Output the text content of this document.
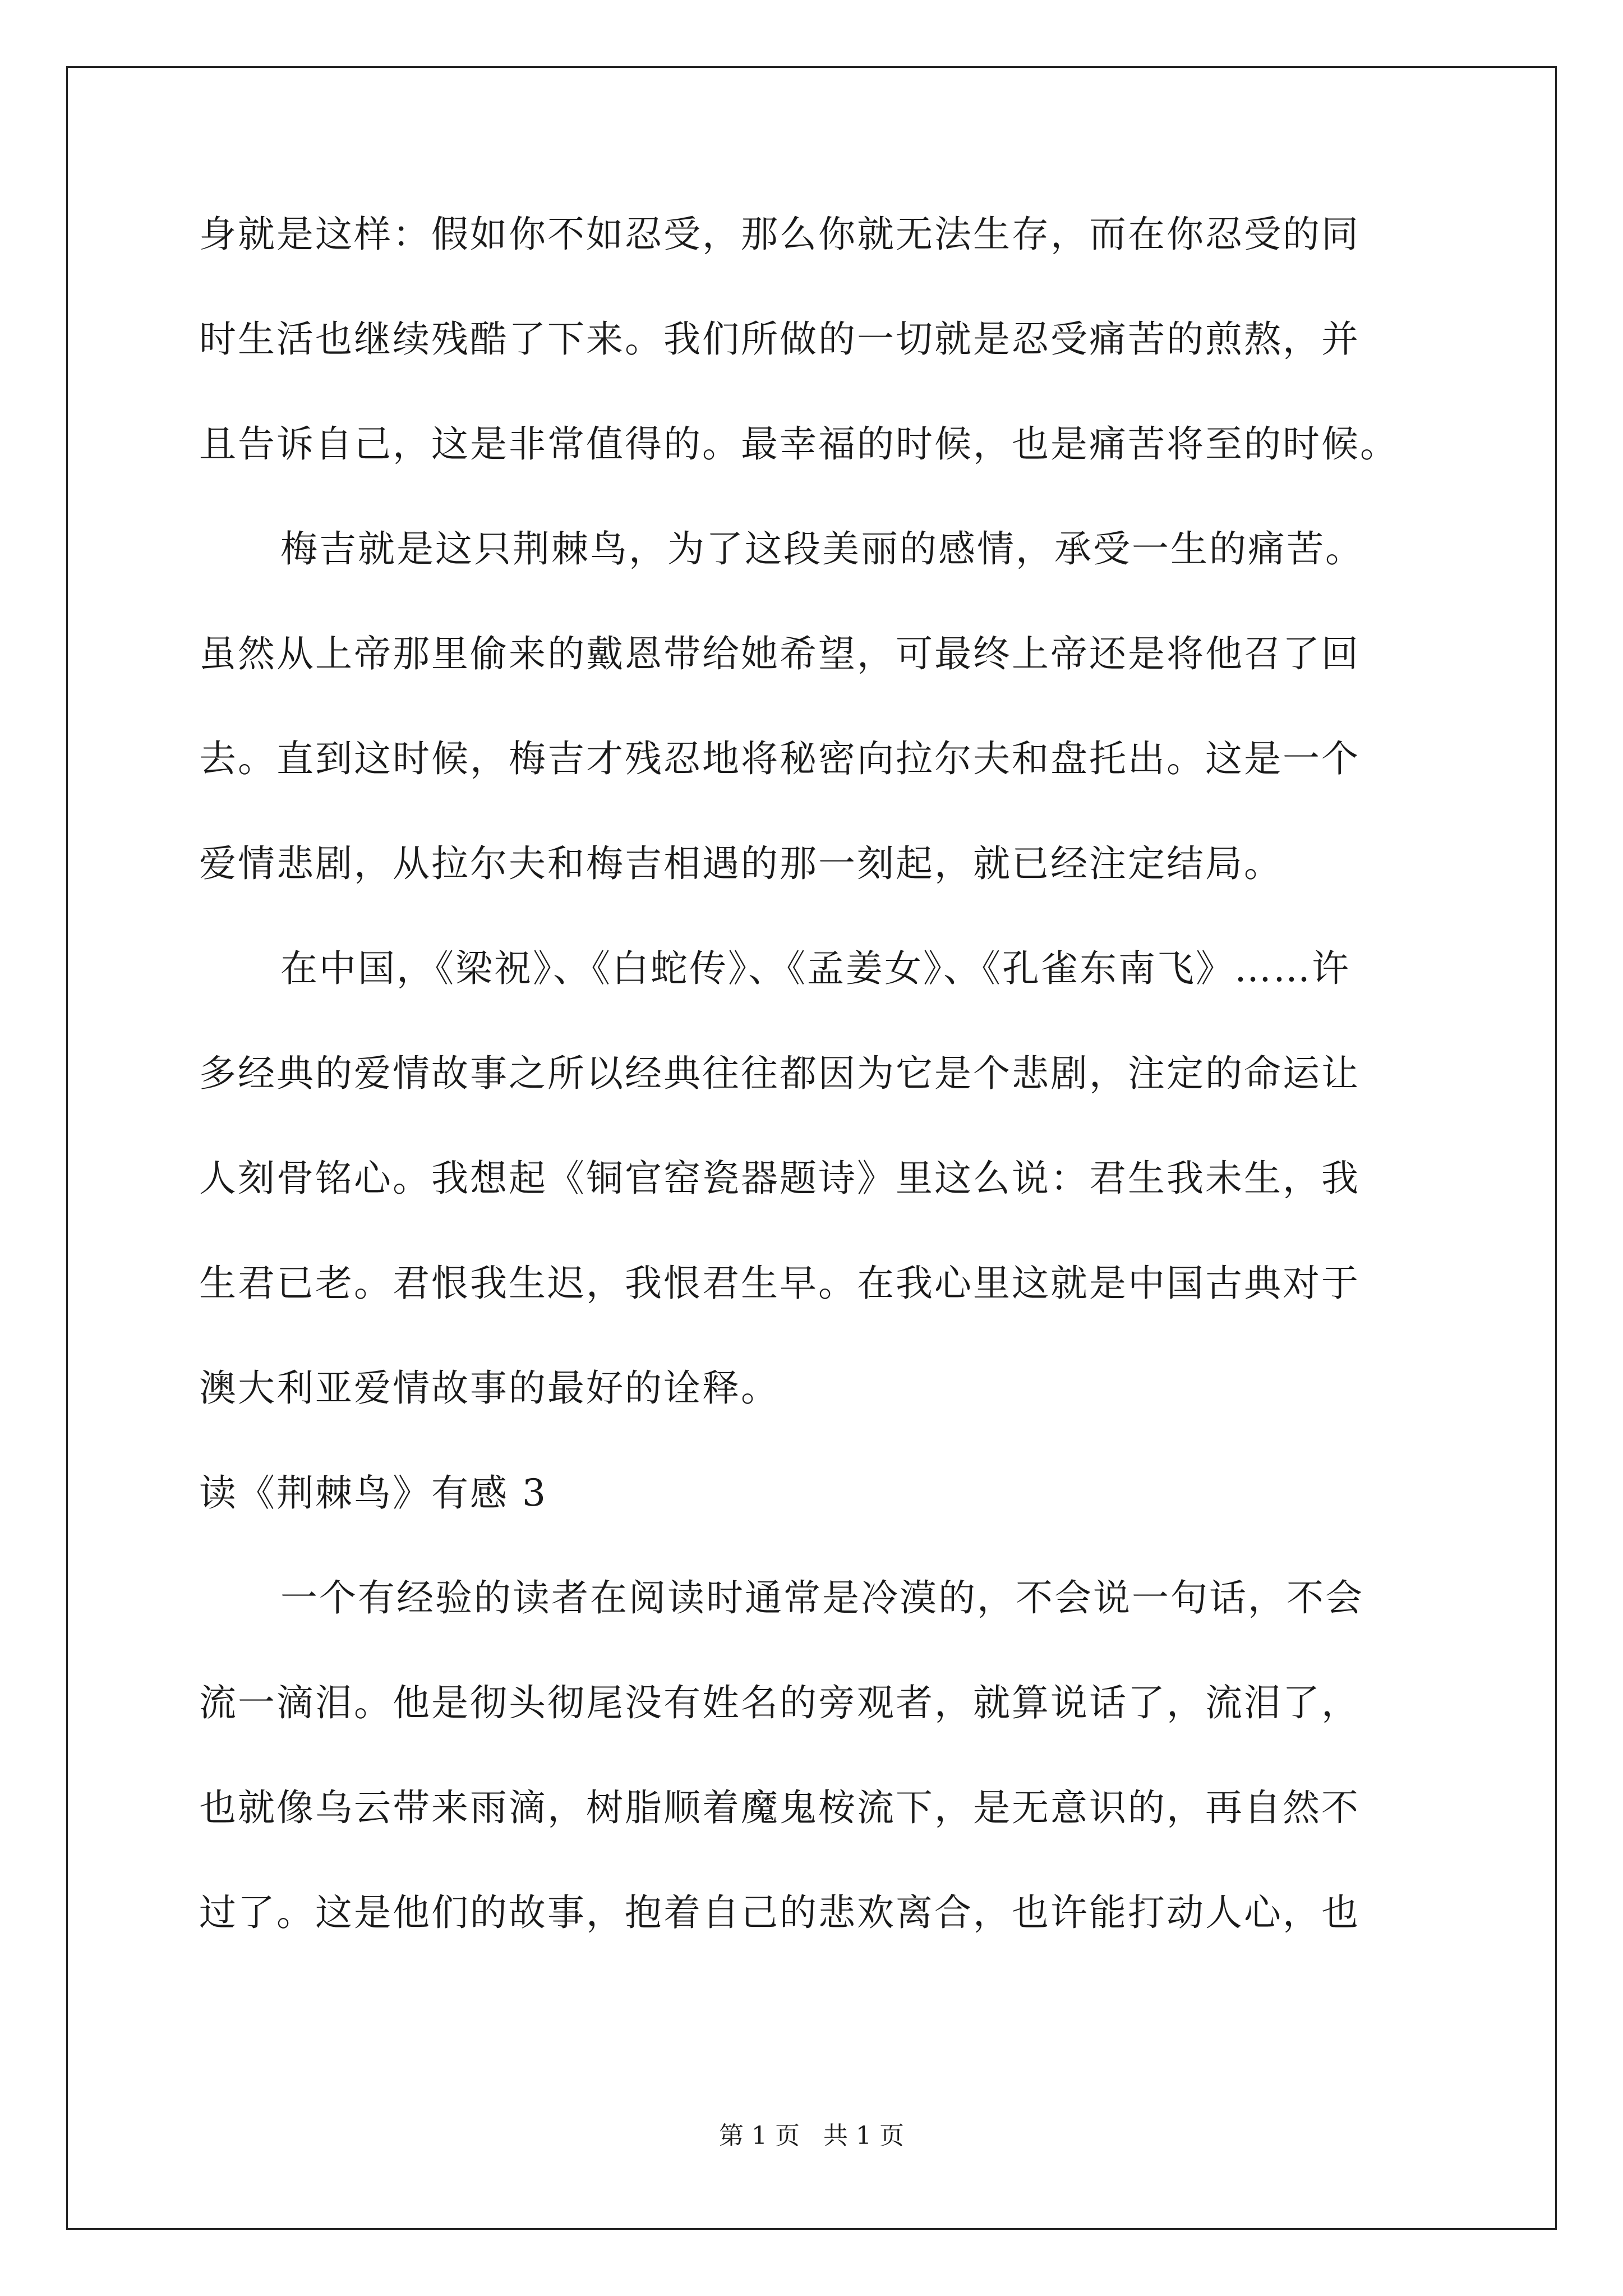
身就是这样：假如你不如忍受，那么你就无法生存，而在你忍受的同
时生活也继续残酷了下来。我们所做的一切就是忍受痛苦的煎熬，并
且告诉自己，这是非常值得的。最幸福的时候，也是痛苦将至的时候。
梅吉就是这只荆棘鸟，为了这段美丽的感情，承受一生的痛苦。
虽然从上帝那里偷来的戴恩带给她希望，可最终上帝还是将他召了回
去。直到这时候，梅吉才残忍地将秘密向拉尔夫和盘托出。这是一个
爱情悲剧，从拉尔夫和梅吉相遇的那一刻起，就已经注定结局。
在中国，《梁祝》、《白蛇传》、《孟姜女》、《孔雀东南飞》……许
多经典的爱情故事之所以经典往往都因为它是个悲剧，注定的命运让
人刻骨铭心。我想起《铜官窑瓷器题诗》里这么说：君生我未生，我
生君已老。君恨我生迟，我恨君生早。在我心里这就是中国古典对于
澳大利亚爱情故事的最好的诠释。
读《荆棘鸟》有感 3
一个有经验的读者在阅读时通常是冷漠的，不会说一句话，不会
流一滴泪。他是彻头彻尾没有姓名的旁观者，就算说话了，流泪了，
也就像乌云带来雨滴，树脂顺着魔鬼桉流下，是无意识的，再自然不
过了。这是他们的故事，抱着自己的悲欢离合，也许能打动人心，也
第 1 页 共 1 页
